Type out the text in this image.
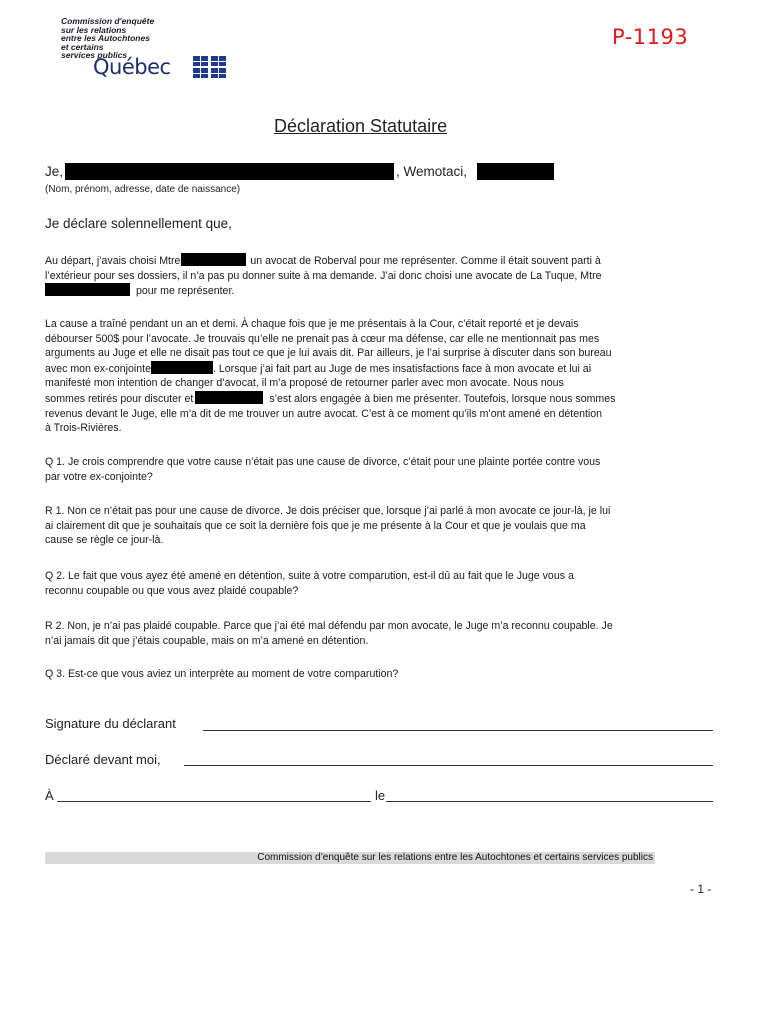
Commission d'enquête
sur les relations
entre les Autochtones
et certains
services publics
Québec
P-1193
Déclaration Statutaire
Je,	, Wemotaci,
(Nom, prénom, adresse, date de naissance)
Je déclare solennellement que,
Au départ, j’avais choisi Mtre	un avocat de Roberval pour me représenter. Comme il était souvent parti à
l’extérieur pour ses dossiers, il n’a pas pu donner suite à ma demande. J’ai donc choisi une avocate de La Tuque, Mtre
pour me représenter.
La cause a traîné pendant un an et demi. À chaque fois que je me présentais à la Cour, c’était reporté et je devais
débourser 500$ pour l’avocate. Je trouvais qu’elle ne prenait pas à cœur ma défense, car elle ne mentionnait pas mes
arguments au Juge et elle ne disait pas tout ce que je lui avais dit. Par ailleurs, je l’ai surprise à discuter dans son bureau
avec mon ex-conjointe	. Lorsque j’ai fait part au Juge de mes insatisfactions face à mon avocate et lui ai
manifesté mon intention de changer d’avocat, il m’a proposé de retourner parler avec mon avocate. Nous nous
sommes retirés pour discuter et	s’est alors engagée à bien me présenter. Toutefois, lorsque nous sommes
revenus devant le Juge, elle m’a dit de me trouver un autre avocat. C’est à ce moment qu’ils m’ont amené en détention
à Trois-Rivières.
Q 1. Je crois comprendre que votre cause n’était pas une cause de divorce, c’était pour une plainte portée contre vous
par votre ex-conjointe?
R 1. Non ce n’était pas pour une cause de divorce. Je dois préciser que, lorsque j’ai parlé à mon avocate ce jour-là, je lui
ai clairement dit que je souhaitais que ce soit la dernière fois que je me présente à la Cour et que je voulais que ma
cause se règle ce jour-là.
Q 2. Le fait que vous ayez été amené en détention, suite à votre comparution, est-il dû au fait que le Juge vous a
reconnu coupable ou que vous avez plaidé coupable?
R 2. Non, je n’ai pas plaidé coupable. Parce que j’ai été mal défendu par mon avocate, le Juge m’a reconnu coupable. Je
n’ai jamais dit que j’étais coupable, mais on m’a amené en détention.
Q 3. Est-ce que vous aviez un interprète au moment de votre comparution?
Signature du déclarant
Déclaré devant moi,
À	le
Commission d’enquête sur les relations entre les Autochtones et certains services publics
- 1 -
